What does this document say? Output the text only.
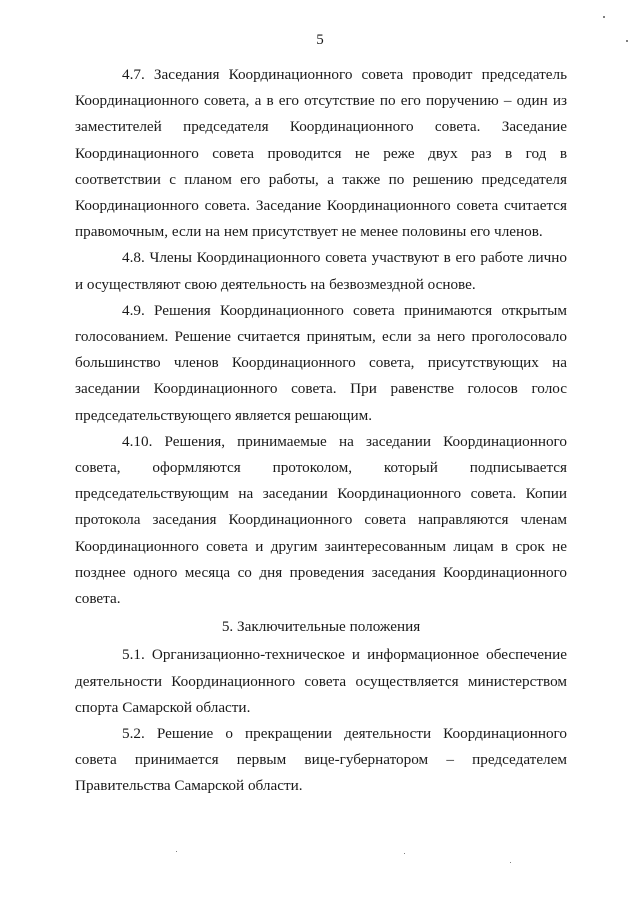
5

4.7. Заседания Координационного совета проводит председатель Координационного совета, а в его отсутствие по его поручению – один из заместителей председателя Координационного совета. Заседание Координационного совета проводится не реже двух раз в год в соответствии с планом его работы, а также по решению председателя Координационного совета. Заседание Координационного совета считается правомочным, если на нем присутствует не менее половины его членов.

4.8. Члены Координационного совета участвуют в его работе лично и осуществляют свою деятельность на безвозмездной основе.

4.9. Решения Координационного совета принимаются открытым голосованием. Решение считается принятым, если за него проголосовало большинство членов Координационного совета, присутствующих на заседании Координационного совета. При равенстве голосов голос председательствующего является решающим.

4.10. Решения, принимаемые на заседании Координационного совета, оформляются протоколом, который подписывается председательствующим на заседании Координационного совета. Копии протокола заседания Координационного совета направляются членам Координационного совета и другим заинтересованным лицам в срок не позднее одного месяца со дня проведения заседания Координационного совета.

5. Заключительные положения

5.1. Организационно-техническое и информационное обеспечение деятельности Координационного совета осуществляется министерством спорта Самарской области.

5.2. Решение о прекращении деятельности Координационного совета принимается первым вице-губернатором – председателем Правительства Самарской области.
